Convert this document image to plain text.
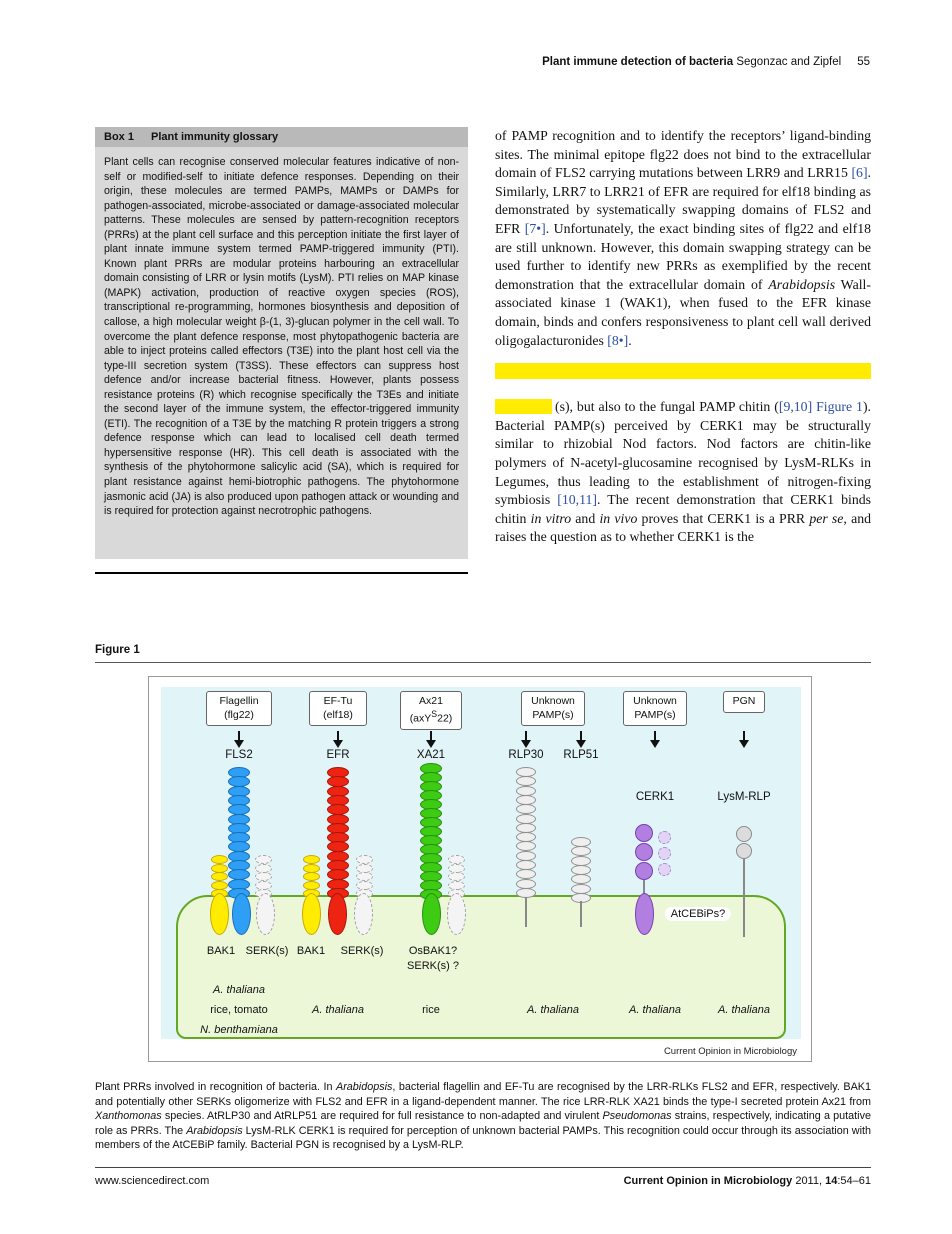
Plant immune detection of bacteria Segonzac and Zipfel 55
Box 1 Plant immunity glossary
Plant cells can recognise conserved molecular features indicative of non-self or modified-self to initiate defence responses. Depending on their origin, these molecules are termed PAMPs, MAMPs or DAMPs for pathogen-associated, microbe-associated or damage-associated molecular patterns. These molecules are sensed by pattern-recognition receptors (PRRs) at the plant cell surface and this perception initiate the first layer of plant innate immune system termed PAMP-triggered immunity (PTI). Known plant PRRs are modular proteins harbouring an extracellular domain consisting of LRR or lysin motifs (LysM). PTI relies on MAP kinase (MAPK) activation, production of reactive oxygen species (ROS), transcriptional re-programming, hormones biosynthesis and deposition of callose, a high molecular weight β-(1, 3)-glucan polymer in the cell wall. To overcome the plant defence response, most phytopathogenic bacteria are able to inject proteins called effectors (T3E) into the plant host cell via the type-III secretion system (T3SS). These effectors can suppress host defence and/or increase bacterial fitness. However, plants possess resistance proteins (R) which recognise specifically the T3Es and initiate the second layer of the immune system, the effector-triggered immunity (ETI). The recognition of a T3E by the matching R protein triggers a strong defence response which can lead to localised cell death termed hypersensitive response (HR). This cell death is associated with the synthesis of the phytohormone salicylic acid (SA), which is required for plant resistance against hemi-biotrophic pathogens. The phytohormone jasmonic acid (JA) is also produced upon pathogen attack or wounding and is required for protection against necrotrophic pathogens.

of PAMP recognition and to identify the receptors’ ligand-binding sites. The minimal epitope flg22 does not bind to the extracellular domain of FLS2 carrying mutations between LRR9 and LRR15 [6]. Similarly, LRR7 to LRR21 of EFR are required for elf18 binding as demonstrated by systematically swapping domains of FLS2 and EFR [7•]. Unfortunately, the exact binding sites of flg22 and elf18 are still unknown. However, this domain swapping strategy can be used further to identify new PRRs as exemplified by the recent demonstration that the extracellular domain of Arabidopsis Wall-associated kinase 1 (WAK1), when fused to the EFR kinase domain, binds and confers responsiveness to plant cell wall derived oligogalacturonides [8•].

(s), but also to the fungal PAMP chitin ([9,10] Figure 1). Bacterial PAMP(s) perceived by CERK1 may be structurally similar to rhizobial Nod factors. Nod factors are chitin-like polymers of N-acetyl-glucosamine recognised by LysM-RLKs in Legumes, thus leading to the establishment of nitrogen-fixing symbiosis [10,11]. The recent demonstration that CERK1 binds chitin in vitro and in vivo proves that CERK1 is a PRR per se, and raises the question as to whether CERK1 is the

Figure 1
Flagellin
(flg22)
EF-Tu
(elf18)
Ax21
(axY$^S$22)
Unknown
PAMP(s)
Unknown
PAMP(s)
PGN
FLS2	EFR	XA21	RLP30 RLP51
CERK1	LysM-RLP
BAK1 SERK(s) BAK1 SERK(s) OsBAK1?
SERK(s) ?
AtCEBiPs?
A. thaliana
rice, tomato
N. benthamiana
A. thaliana	rice	A. thaliana	A. thaliana	A. thaliana
Current Opinion in Microbiology
Plant PRRs involved in recognition of bacteria. In Arabidopsis, bacterial flagellin and EF-Tu are recognised by the LRR-RLKs FLS2 and EFR, respectively. BAK1 and potentially other SERKs oligomerize with FLS2 and EFR in a ligand-dependent manner. The rice LRR-RLK XA21 binds the type-I secreted protein Ax21 from Xanthomonas species. AtRLP30 and AtRLP51 are required for full resistance to non-adapted and virulent Pseudomonas strains, respectively, indicating a putative role as PRRs. The Arabidopsis LysM-RLK CERK1 is required for perception of unknown bacterial PAMPs. This recognition could occur through its association with members of the AtCEBiP family. Bacterial PGN is recognised by a LysM-RLP.
www.sciencedirect.com	Current Opinion in Microbiology 2011, 14:54–61
